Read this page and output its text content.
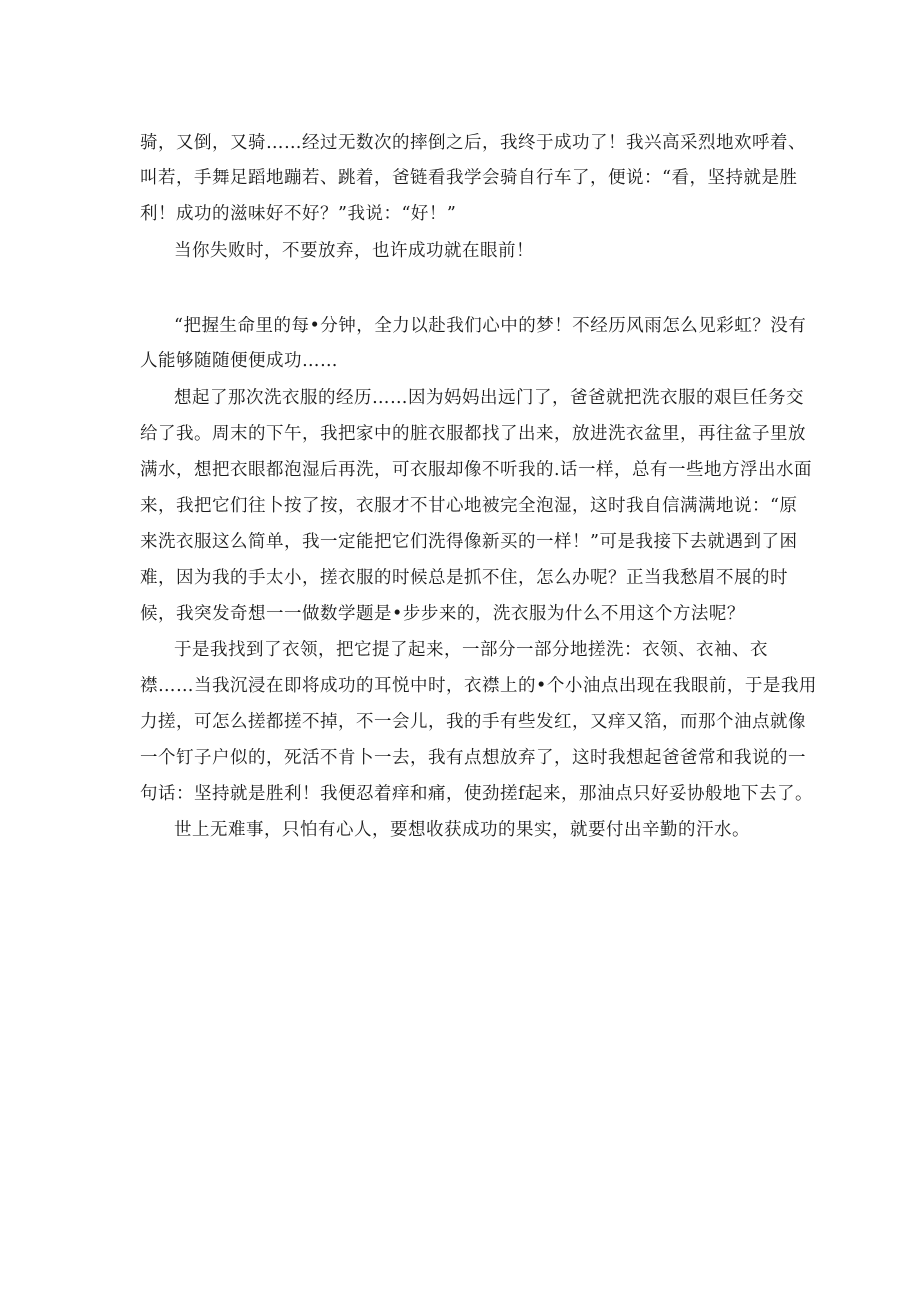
骑，又倒，又骑……经过无数次的摔倒之后，我终于成功了！我兴高采烈地欢呼着、
叫若，手舞足蹈地蹦若、跳着，爸链看我学会骑自行车了，便说：“看，坚持就是胜
利！成功的滋味好不好？”我说：“好！”
当你失败时，不要放弃，也许成功就在眼前！
“把握生命里的每•分钟，全力以赴我们心中的梦！不经历风雨怎么见彩虹？没有
人能够随随便便成功……
想起了那次洗衣服的经历……因为妈妈出远门了，爸爸就把洗衣服的艰巨任务交
给了我。周末的下午，我把家中的脏衣服都找了出来，放进洗衣盆里，再往盆子里放
满水，想把衣眼都泡湿后再洗，可衣服却像不听我的.话一样，总有一些地方浮出水面
来，我把它们往卜按了按，衣服才不甘心地被完全泡湿，这时我自信满满地说：“原
来洗衣服这么简单，我一定能把它们洗得像新买的一样！”可是我接下去就遇到了困
难，因为我的手太小，搓衣服的时候总是抓不住，怎么办呢？正当我愁眉不展的时
候，我突发奇想一一做数学题是•步步来的，洗衣服为什么不用这个方法呢？
于是我找到了衣领，把它提了起来，一部分一部分地搓洗：衣领、衣袖、衣
襟……当我沉浸在即将成功的耳悦中时，衣襟上的•个小油点出现在我眼前，于是我用
力搓，可怎么搓都搓不掉，不一会儿，我的手有些发红，又痒又箔，而那个油点就像
一个钉子户似的，死活不肯卜一去，我有点想放弃了，这时我想起爸爸常和我说的一
句话：坚持就是胜利！我便忍着痒和痛，使劲搓f起来，那油点只好妥协般地下去了。
世上无难事，只怕有心人，要想收获成功的果实，就要付出辛勤的汗水。
